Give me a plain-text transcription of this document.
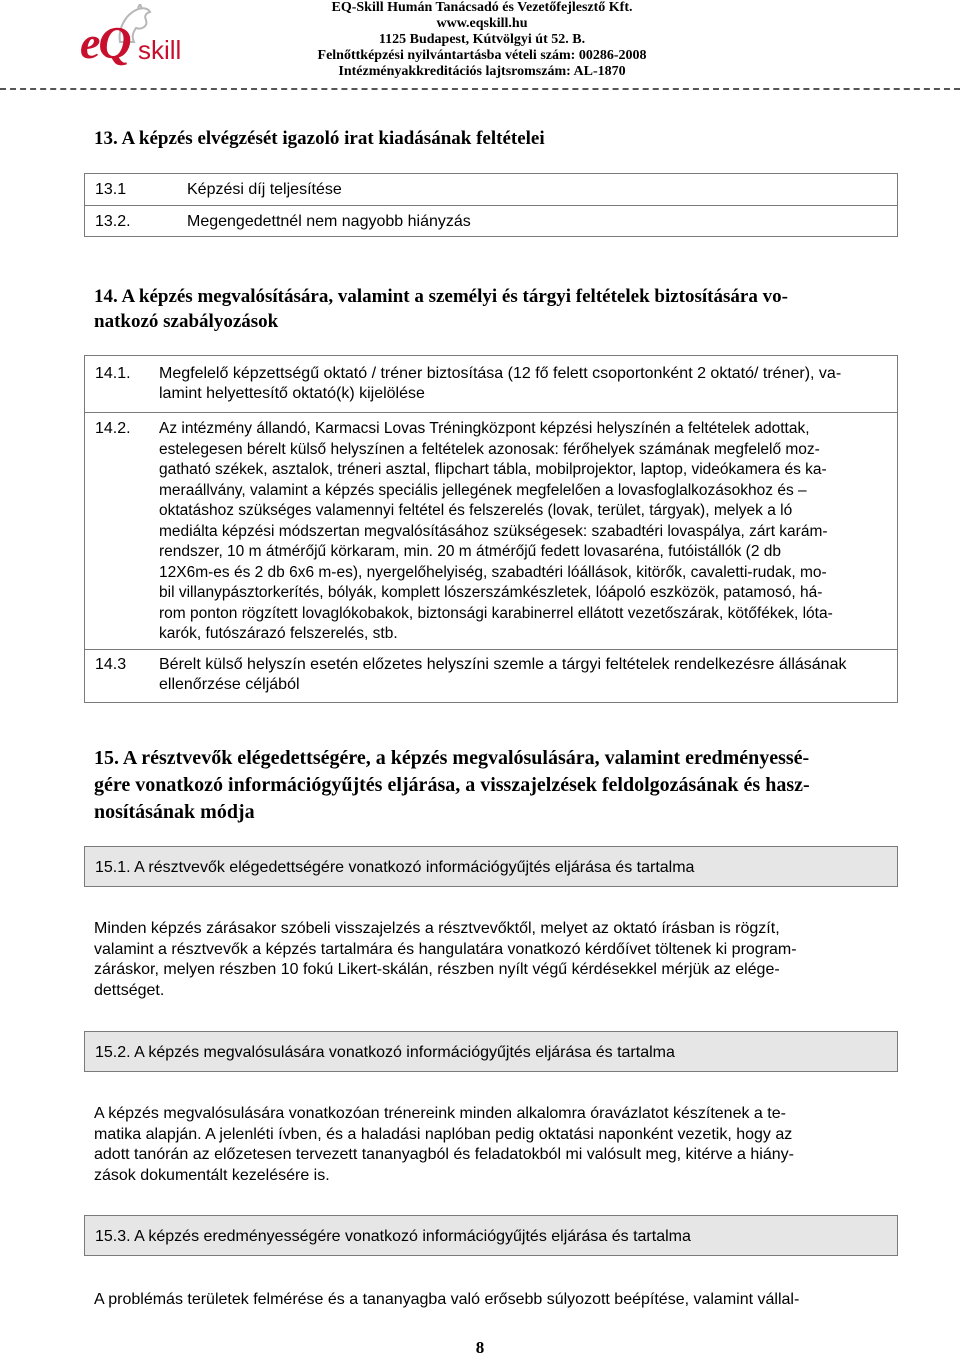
eQ skill
EQ-Skill Humán Tanácsadó és Vezetőfejlesztő Kft.
www.eqskill.hu
1125 Budapest, Kútvölgyi út 52. B.
Felnőttképzési nyilvántartásba vételi szám: 00286-2008
Intézményakkreditációs lajtsromszám: AL-1870
13. A képzés elvégzését igazoló irat kiadásának feltételei
13.1	Képzési díj teljesítése
13.2.	Megengedettnél nem nagyobb hiányzás
14. A képzés megvalósítására, valamint a személyi és tárgyi feltételek biztosítására vo-
natkozó szabályozások
14.1. Megfelelő képzettségű oktató / tréner biztosítása (12 fő felett csoportonként 2 oktató/ tréner), va-
lamint helyettesítő oktató(k) kijelölése
14.2. Az intézmény állandó, Karmacsi Lovas Tréningközpont képzési helyszínén a feltételek adottak,
estelegesen bérelt külső helyszínen a feltételek azonosak: férőhelyek számának megfelelő moz-
gatható székek, asztalok, tréneri asztal, flipchart tábla, mobilprojektor, laptop, videókamera és ka-
meraállvány, valamint a képzés speciális jellegének megfelelően a lovasfoglalkozásokhoz és –
oktatáshoz szükséges valamennyi feltétel és felszerelés (lovak, terület, tárgyak), melyek a ló
mediálta képzési módszertan megvalósításához szükségesek: szabadtéri lovaspálya, zárt karám-
rendszer, 10 m átmérőjű körkaram, min. 20 m átmérőjű fedett lovasaréna, futóistállók (2 db
12X6m-es és 2 db 6x6 m-es), nyergelőhelyiség, szabadtéri lóállások, kitörők, cavaletti-rudak, mo-
bil villanypásztorkerítés, bólyák, komplett lószerszámkészletek, lóápoló eszközök, patamosó, há-
rom ponton rögzített lovaglókobakok, biztonsági karabinerrel ellátott vezetőszárak, kötőfékek, lóta-
karók, futószárazó felszerelés, stb.
14.3 Bérelt külső helyszín esetén előzetes helyszíni szemle a tárgyi feltételek rendelkezésre állásának
ellenőrzése céljából
15. A résztvevők elégedettségére, a képzés megvalósulására, valamint eredményessé-
gére vonatkozó információgyűjtés eljárása, a visszajelzések feldolgozásának és hasz-
nosításának módja
15.1. A résztvevők elégedettségére vonatkozó információgyűjtés eljárása és tartalma
Minden képzés zárásakor szóbeli visszajelzés a résztvevőktől, melyet az oktató írásban is rögzít,
valamint a résztvevők a képzés tartalmára és hangulatára vonatkozó kérdőívet töltenek ki program-
záráskor, melyen részben 10 fokú Likert-skálán, részben nyílt végű kérdésekkel mérjük az elége-
dettséget.
15.2. A képzés megvalósulására vonatkozó információgyűjtés eljárása és tartalma
A képzés megvalósulására vonatkozóan trénereink minden alkalomra óravázlatot készítenek a te-
matika alapján. A jelenléti ívben, és a haladási naplóban pedig oktatási naponként vezetik, hogy az
adott tanórán az előzetesen tervezett tananyagból és feladatokból mi valósult meg, kitérve a hiány-
zások dokumentált kezelésére is.
15.3. A képzés eredményességére vonatkozó információgyűjtés eljárása és tartalma
A problémás területek felmérése és a tananyagba való erősebb súlyozott beépítése, valamint vállal-
8
